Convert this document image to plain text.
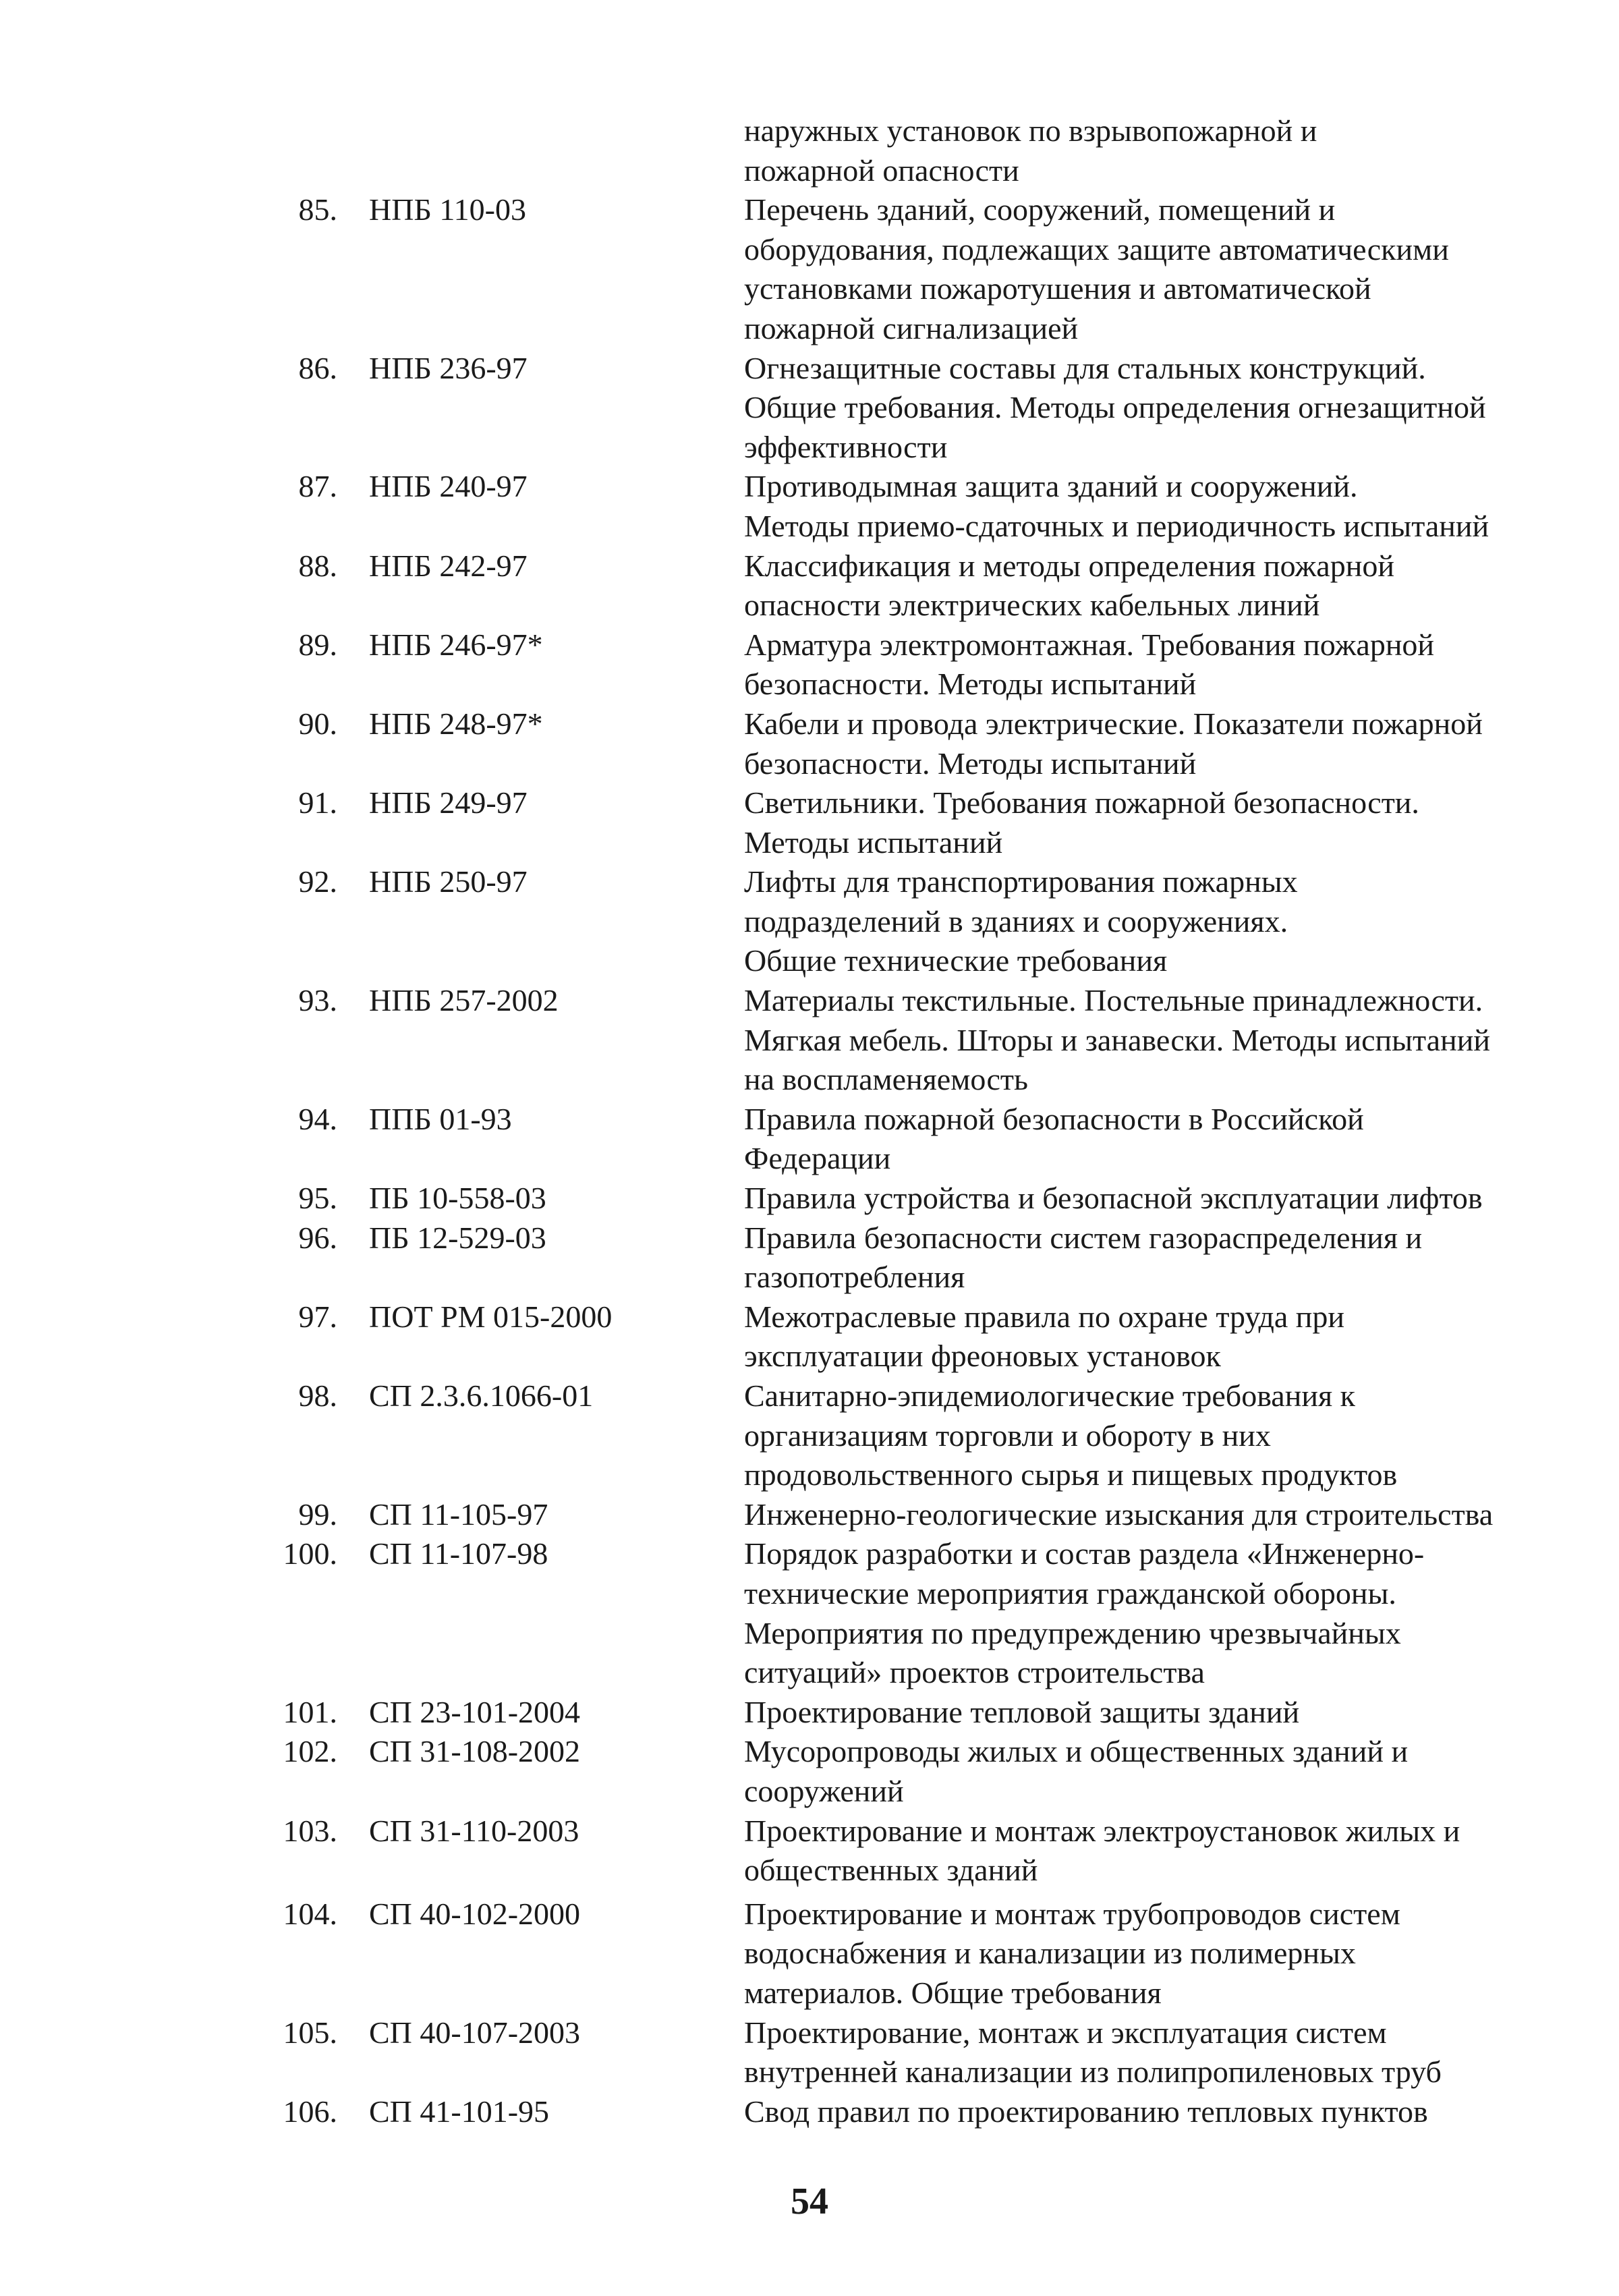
наружных установок по взрывопожарной и
пожарной опасности
85.	НПБ 110-03	Перечень зданий, сооружений, помещений и
оборудования, подлежащих защите автоматическими
установками пожаротушения и автоматической
пожарной сигнализацией
86.	НПБ 236-97	Огнезащитные составы для стальных конструкций.
Общие требования. Методы определения огнезащитной
эффективности
87.	НПБ 240-97	Противодымная защита зданий и сооружений.
Методы приемо-сдаточных и периодичность испытаний
88.	НПБ 242-97	Классификация и методы определения пожарной
опасности электрических кабельных линий
89.	НПБ 246-97*	Арматура электромонтажная. Требования пожарной
безопасности. Методы испытаний
90.	НПБ 248-97*	Кабели и провода электрические. Показатели пожарной
безопасности. Методы испытаний
91.	НПБ 249-97	Светильники. Требования пожарной безопасности.
Методы испытаний
92.	НПБ 250-97	Лифты для транспортирования пожарных
подразделений в зданиях и сооружениях.
Общие технические требования
93.	НПБ 257-2002	Материалы текстильные. Постельные принадлежности.
Мягкая мебель. Шторы и занавески. Методы испытаний
на воспламеняемость
94.	ППБ 01-93	Правила пожарной безопасности в Российской
Федерации
95.	ПБ 10-558-03	Правила устройства и безопасной эксплуатации лифтов
96.	ПБ 12-529-03	Правила безопасности систем газораспределения и
газопотребления
97.	ПОТ РМ 015-2000	Межотраслевые правила по охране труда при
эксплуатации фреоновых установок
98.	СП 2.3.6.1066-01	Санитарно-эпидемиологические требования к
организациям торговли и обороту в них
продовольственного сырья и пищевых продуктов
99.	СП 11-105-97	Инженерно-геологические изыскания для строительства
100.	СП 11-107-98	Порядок разработки и состав раздела «Инженерно-
технические мероприятия гражданской обороны.
Мероприятия по предупреждению чрезвычайных
ситуаций» проектов строительства
101.	СП 23-101-2004	Проектирование тепловой защиты зданий
102.	СП 31-108-2002	Мусоропроводы жилых и общественных зданий и
сооружений
103.	СП 31-110-2003	Проектирование и монтаж электроустановок жилых и
общественных зданий
104.	СП 40-102-2000	Проектирование и монтаж трубопроводов систем
водоснабжения и канализации из полимерных
материалов. Общие требования
105.	СП 40-107-2003	Проектирование, монтаж и эксплуатация систем
внутренней канализации из полипропиленовых труб
106.	СП 41-101-95	Свод правил по проектированию тепловых пунктов
54
